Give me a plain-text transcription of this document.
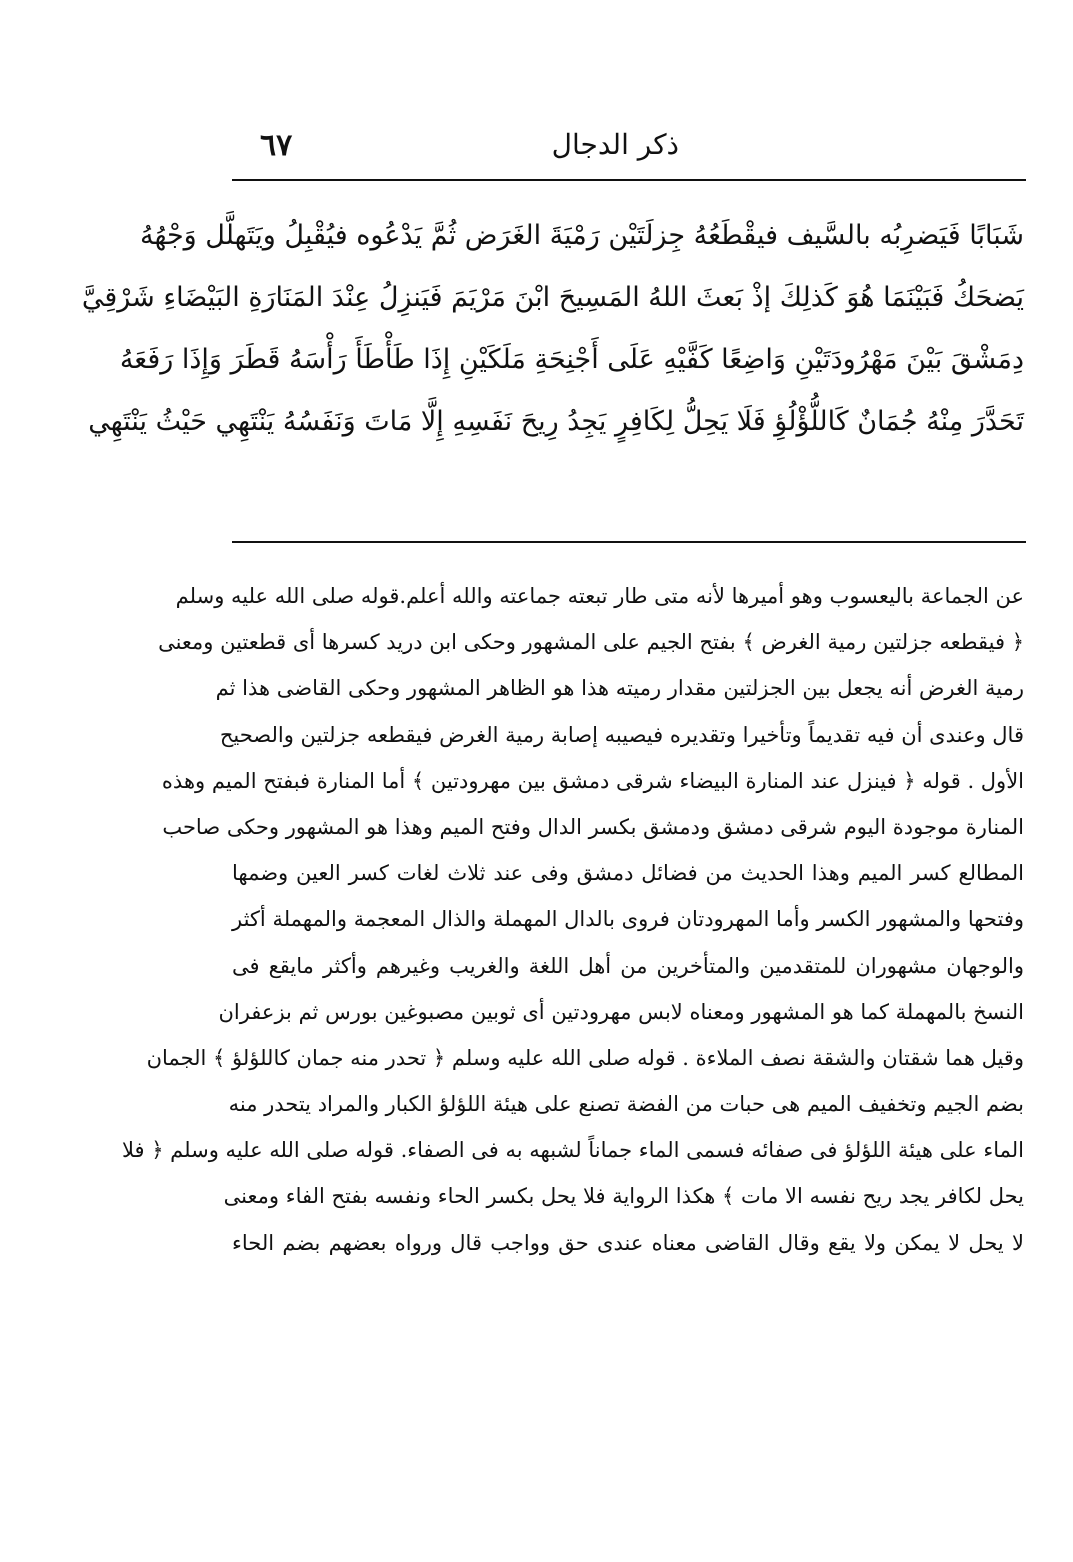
ذكر الدجال
٦٧
شَبَابًا فَيَضرِبُه بالسَّيف فيقْطَعُهُ جِزلَتَيْن رَمْيَةَ الغَرَض ثُمَّ يَدْعُوه فيُقْبِلُ ويَتَهلَّل وَجْهُهُ
يَضحَكُ فَبَيْنَمَا هُوَ كَذلِكَ إذْ بَعثَ اللهُ المَسِيحَ ابْنَ مَرْيَمَ فَيَنزِلُ عِنْدَ المَنَارَةِ البَيْضَاءِ شَرْقِيَّ
دِمَشْقَ بَيْنَ مَهْرُودَتَيْنِ وَاضِعًا كَفَّيْهِ عَلَى أَجْنِحَةِ مَلَكَيْنِ إِذَا طَأْطَأَ رَأْسَهُ قَطَرَ وَإِذَا رَفَعَهُ
تَحَدَّرَ مِنْهُ جُمَانٌ كَاللُّؤْلُؤِ فَلَا يَحِلُّ لِكَافِرٍ يَجِدُ رِيحَ نَفَسِهِ إِلَّا مَاتَ وَنَفَسُهُ يَنْتَهِي حَيْثُ يَنْتَهِي
عن الجماعة باليعسوب وهو أميرها لأنه متى طار تبعته جماعته والله أعلم.قوله صلى الله عليه وسلم
﴿ فيقطعه جزلتين رمية الغرض ﴾ بفتح الجيم على المشهور وحكى ابن دريد كسرها أى قطعتين ومعنى
رمية الغرض أنه يجعل بين الجزلتين مقدار رميته هذا هو الظاهر المشهور وحكى القاضى هذا ثم
قال وعندى أن فيه تقديماً وتأخيرا وتقديره فيصيبه إصابة رمية الغرض فيقطعه جزلتين والصحيح
الأول . قوله ﴿ فينزل عند المنارة البيضاء شرقى دمشق بين مهرودتين ﴾ أما المنارة فبفتح الميم وهذه
المنارة موجودة اليوم شرقى دمشق ودمشق بكسر الدال وفتح الميم وهذا هو المشهور وحكى صاحب
المطالع كسر الميم وهذا الحديث من فضائل دمشق وفى عند ثلاث لغات كسر العين وضمها
وفتحها والمشهور الكسر وأما المهرودتان فروى بالدال المهملة والذال المعجمة والمهملة أكثر
والوجهان مشهوران للمتقدمين والمتأخرين من أهل اللغة والغريب وغيرهم وأكثر مايقع فى
النسخ بالمهملة كما هو المشهور ومعناه لابس مهرودتين أى ثوبين مصبوغين بورس ثم بزعفران
وقيل هما شقتان والشقة نصف الملاءة . قوله صلى الله عليه وسلم ﴿ تحدر منه جمان كاللؤلؤ ﴾ الجمان
بضم الجيم وتخفيف الميم هى حبات من الفضة تصنع على هيئة اللؤلؤ الكبار والمراد يتحدر منه
الماء على هيئة اللؤلؤ فى صفائه فسمى الماء جماناً لشبهه به فى الصفاء. قوله صلى الله عليه وسلم ﴿ فلا
يحل لكافر يجد ريح نفسه الا مات ﴾ هكذا الرواية فلا يحل بكسر الحاء ونفسه بفتح الفاء ومعنى
لا يحل لا يمكن ولا يقع وقال القاضى معناه عندى حق وواجب قال ورواه بعضهم بضم الحاء
